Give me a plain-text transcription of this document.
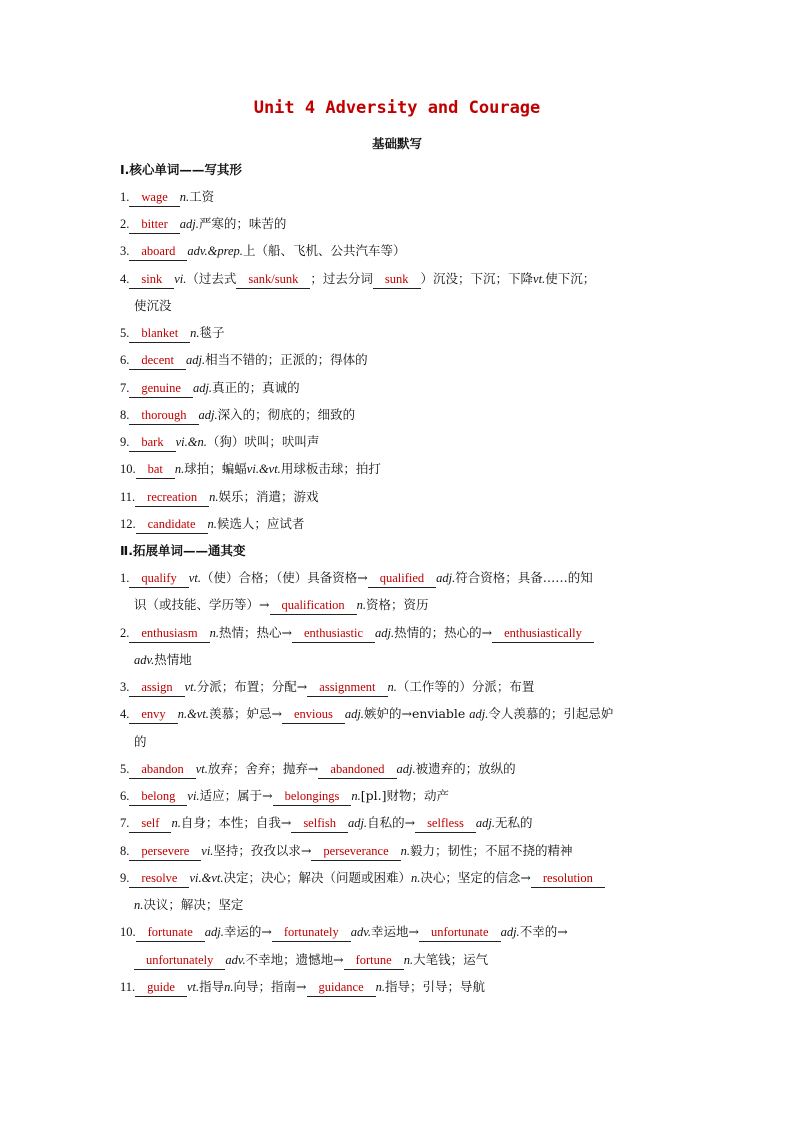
Unit 4 Adversity and Courage
基础默写
Ⅰ.核心单词——写其形
1. wage n.工资
2. bitter adj.严寒的；味苦的
3. aboard adv.&prep.上（船、飞机、公共汽车等）
4. sink vi.（过去式 sank/sunk ；过去分词 sunk ）沉没；下沉；下降vt.使下沉；
使沉没
5. blanket n.毯子
6. decent adj.相当不错的；正派的；得体的
7. genuine adj.真正的；真诚的
8. thorough adj.深入的；彻底的；细致的
9. bark vi.&n.（狗）吠叫；吠叫声
10. bat n.球拍；蝙蝠vi.&vt.用球板击球；拍打
11. recreation n.娱乐；消遣；游戏
12. candidate n.候选人；应试者
Ⅱ.拓展单词——通其变
1. qualify vt.（使）合格；（使）具备资格→ qualified adj.符合资格；具备……的知
识（或技能、学历等）→ qualification n.资格；资历
2. enthusiasm n.热情；热心→ enthusiastic adj.热情的；热心的→ enthusiastically
adv.热情地
3. assign vt.分派；布置；分配→ assignment n.（工作等的）分派；布置
4. envy n.&vt.羡慕；妒忌→ envious adj.嫉妒的→enviable adj.令人羡慕的；引起忌妒
的
5. abandon vt.放弃；舍弃；抛弃→ abandoned adj.被遗弃的；放纵的
6. belong vi.适应；属于→ belongings n.[pl.]财物；动产
7. self n.自身；本性；自我→ selfish adj.自私的→ selfless adj.无私的
8. persevere vi.坚持；孜孜以求→ perseverance n.毅力；韧性；不屈不挠的精神
9. resolve vi.&vt.决定；决心；解决（问题或困难）n.决心；坚定的信念→ resolution
n.决议；解决；坚定
10. fortunate adj.幸运的→ fortunately adv.幸运地→ unfortunate adj.不幸的→
unfortunately adv.不幸地；遗憾地→ fortune n.大笔钱；运气
11. guide vt.指导n.向导；指南→ guidance n.指导；引导；导航
